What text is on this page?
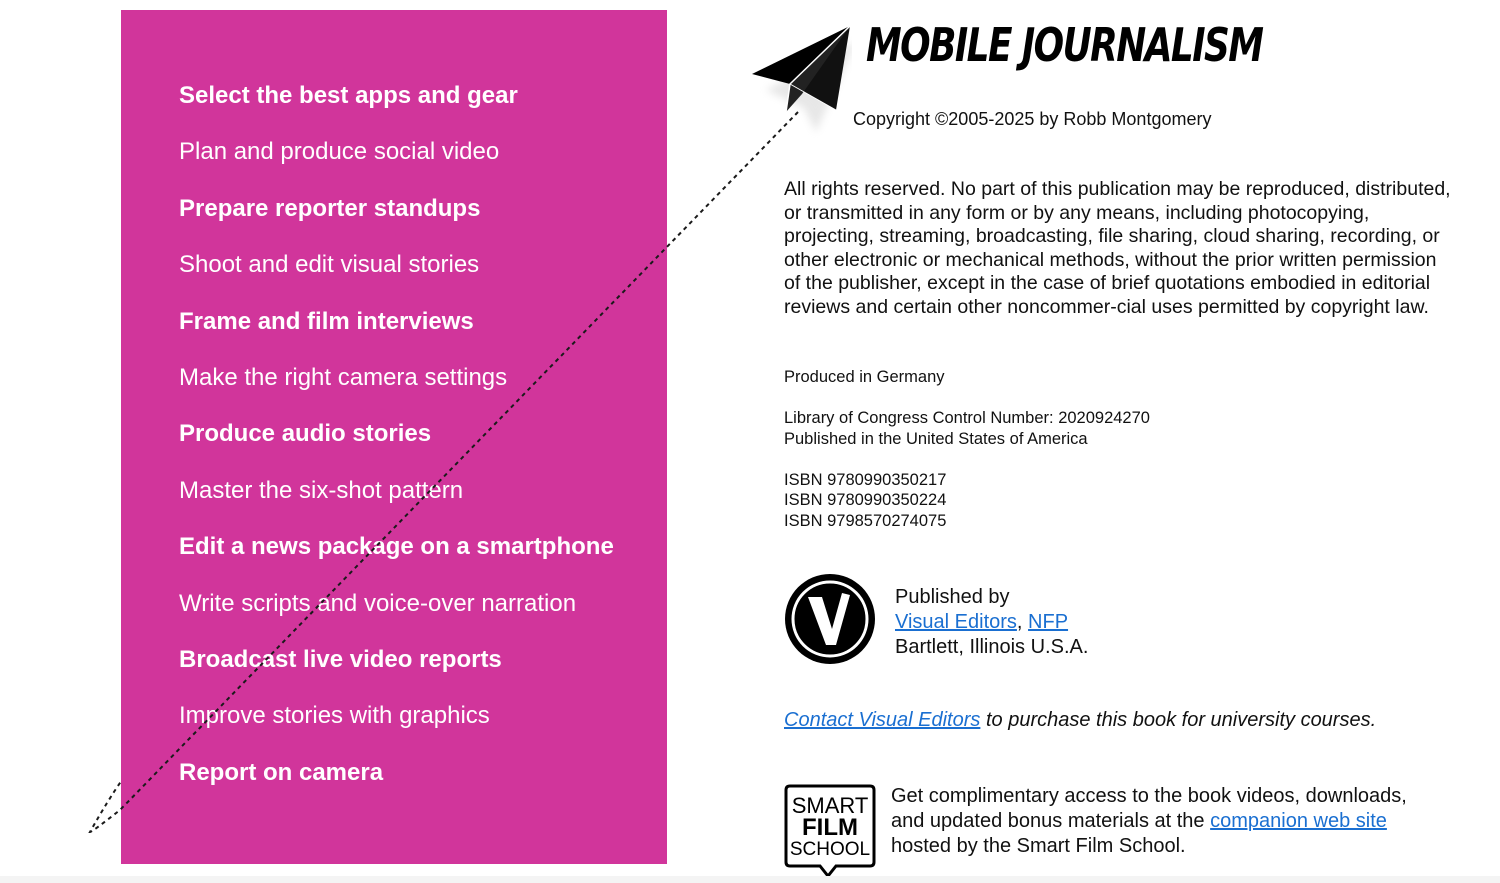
Select the best apps and gear
Plan and produce social video
Prepare reporter standups
Shoot and edit visual stories
Frame and film interviews
Make the right camera settings
Produce audio stories
Master the six-shot pattern
Edit a news package on a smartphone
Write scripts and voice-over narration
Broadcast live video reports
Improve stories with graphics
Report on camera
MOBILE JOURNALISM
Copyright ©2005-2025 by Robb Montgomery
All rights reserved. No part of this publication may be reproduced, distributed, or transmitted in any form or by any means, including photocopying, projecting, streaming, broadcasting, file sharing, cloud sharing, recording, or other electronic or mechanical methods, without the prior written permission of the publisher, except in the case of brief quotations embodied in editorial reviews and certain other noncommer-cial uses permitted by copyright law.
Produced in Germany
Library of Congress Control Number: 2020924270
Published in the United States of America
ISBN 9780990350217
ISBN 9780990350224
ISBN 9798570274075
Published by
Visual Editors, NFP
Bartlett, Illinois U.S.A.
Contact Visual Editors to purchase this book for university courses.
SMART
FILM
SCHOOL
Get complimentary access to the book videos, downloads,
and updated bonus materials at the companion web site
hosted by the Smart Film School.
